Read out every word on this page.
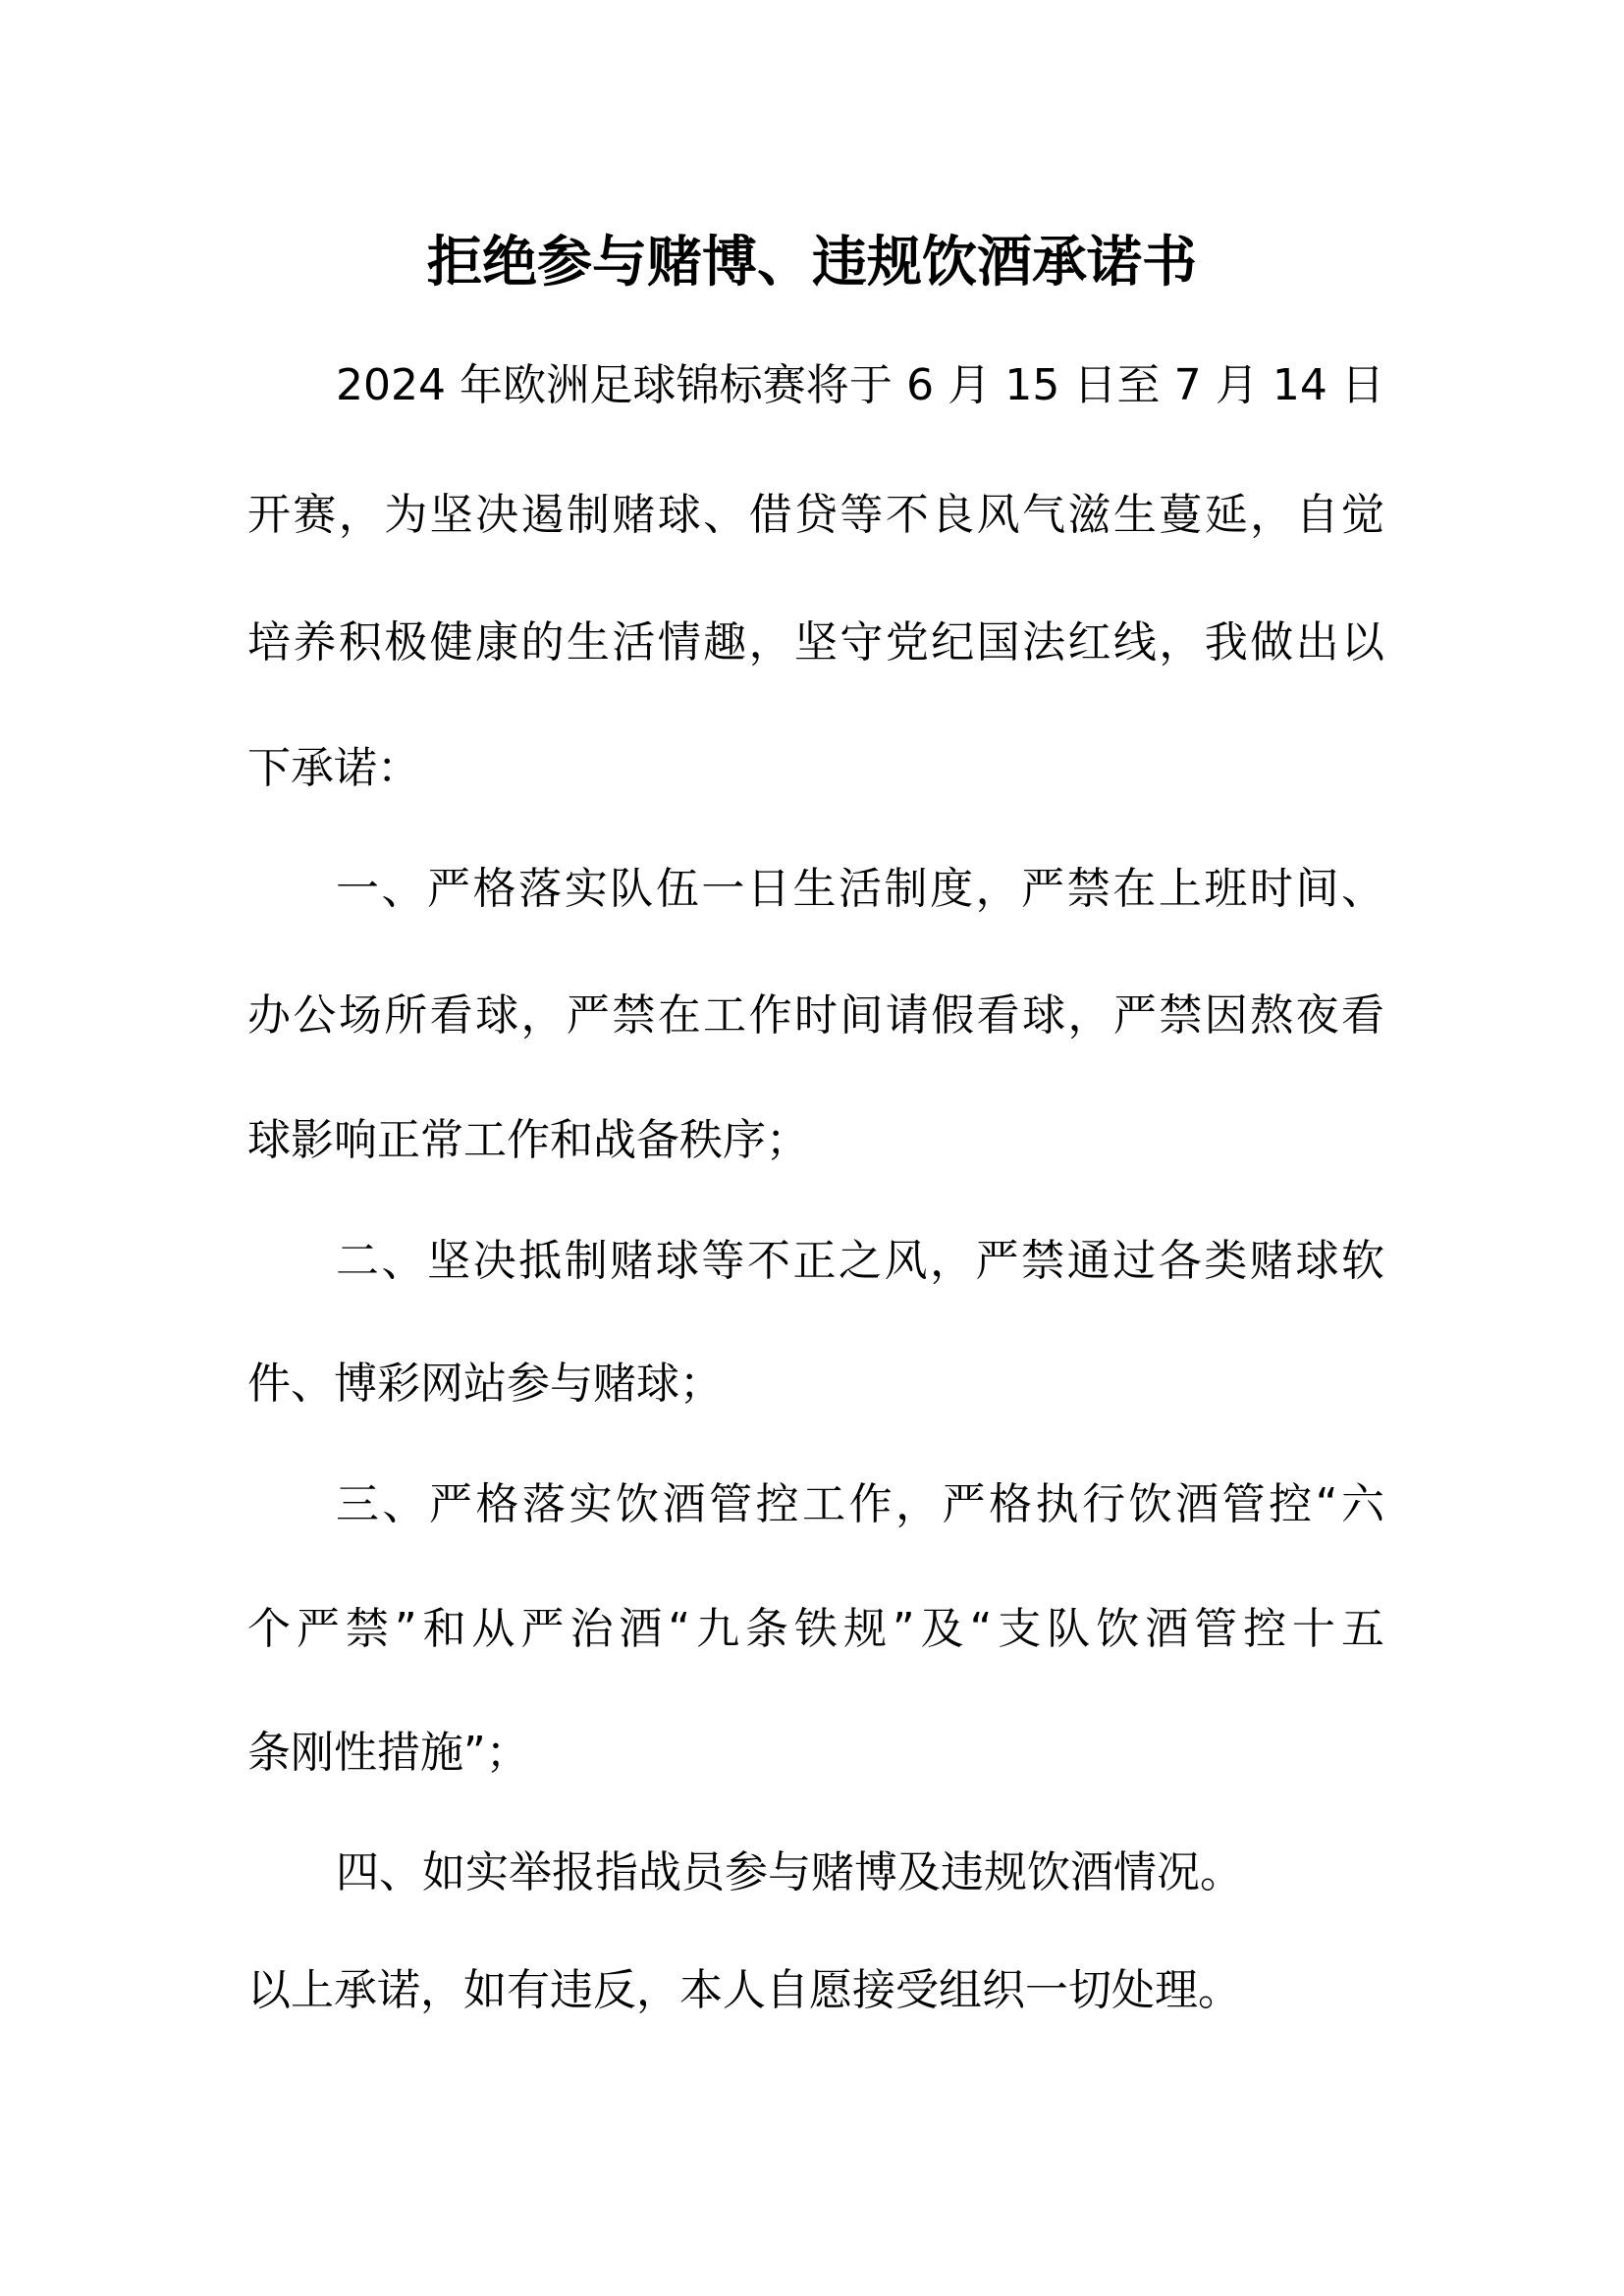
拒绝参与赌博、违规饮酒承诺书
2024 年欧洲足球锦标赛将于 6 月 15 日至 7 月 14 日
开赛，为坚决遏制赌球、借贷等不良风气滋生蔓延，自觉
培养积极健康的生活情趣，坚守党纪国法红线，我做出以
下承诺：
一、严格落实队伍一日生活制度，严禁在上班时间、
办公场所看球，严禁在工作时间请假看球，严禁因熬夜看
球影响正常工作和战备秩序；
二、坚决抵制赌球等不正之风，严禁通过各类赌球软
件、博彩网站参与赌球；
三、严格落实饮酒管控工作，严格执行饮酒管控“六
个严禁”和从严治酒“九条铁规”及“支队饮酒管控十五
条刚性措施”；
四、如实举报指战员参与赌博及违规饮酒情况。
以上承诺，如有违反，本人自愿接受组织一切处理。
